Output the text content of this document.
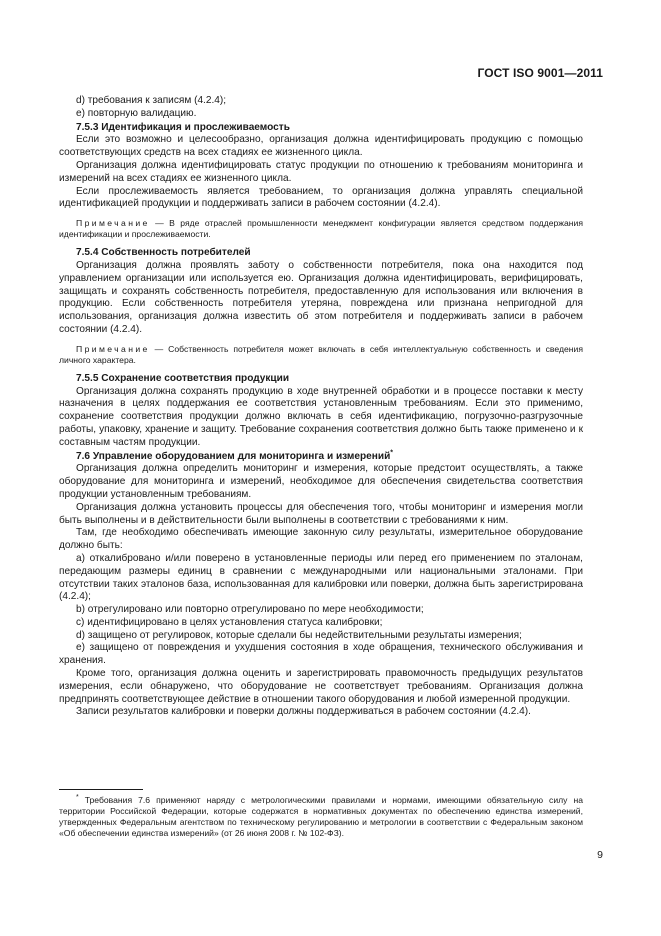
ГОСТ ISO 9001—2011

d) требования к записям (4.2.4);

e) повторную валидацию.

7.5.3 Идентификация и прослеживаемость

Если это возможно и целесообразно, организация должна идентифицировать продукцию с помощью соответствующих средств на всех стадиях ее жизненного цикла.

Организация должна идентифицировать статус продукции по отношению к требованиям мониторинга и измерений на всех стадиях ее жизненного цикла.

Если прослеживаемость является требованием, то организация должна управлять специальной идентификацией продукции и поддерживать записи в рабочем состоянии (4.2.4).

Примечание — В ряде отраслей промышленности менеджмент конфигурации является средством поддержания идентификации и прослеживаемости.

7.5.4 Собственность потребителей

Организация должна проявлять заботу о собственности потребителя, пока она находится под управлением организации или используется ею. Организация должна идентифицировать, верифицировать, защищать и сохранять собственность потребителя, предоставленную для использования или включения в продукцию. Если собственность потребителя утеряна, повреждена или признана непригодной для использования, организация должна известить об этом потребителя и поддерживать записи в рабочем состоянии (4.2.4).

Примечание — Собственность потребителя может включать в себя интеллектуальную собственность и сведения личного характера.

7.5.5 Сохранение соответствия продукции

Организация должна сохранять продукцию в ходе внутренней обработки и в процессе поставки к месту назначения в целях поддержания ее соответствия установленным требованиям. Если это применимо, сохранение соответствия продукции должно включать в себя идентификацию, погрузочно-разгрузочные работы, упаковку, хранение и защиту. Требование сохранения соответствия должно быть также применено и к составным частям продукции.

7.6 Управление оборудованием для мониторинга и измерений*

Организация должна определить мониторинг и измерения, которые предстоит осуществлять, а также оборудование для мониторинга и измерений, необходимое для обеспечения свидетельства соответствия продукции установленным требованиям.

Организация должна установить процессы для обеспечения того, чтобы мониторинг и измерения могли быть выполнены и в действительности были выполнены в соответствии с требованиями к ним.

Там, где необходимо обеспечивать имеющие законную силу результаты, измерительное оборудование должно быть:

a) откалибровано и/или поверено в установленные периоды или перед его применением по эталонам, передающим размеры единиц в сравнении с международными или национальными эталонами. При отсутствии таких эталонов база, использованная для калибровки или поверки, должна быть зарегистрирована (4.2.4);

b) отрегулировано или повторно отрегулировано по мере необходимости;

c) идентифицировано в целях установления статуса калибровки;

d) защищено от регулировок, которые сделали бы недействительными результаты измерения;

e) защищено от повреждения и ухудшения состояния в ходе обращения, технического обслуживания и хранения.

Кроме того, организация должна оценить и зарегистрировать правомочность предыдущих результатов измерения, если обнаружено, что оборудование не соответствует требованиям. Организация должна предпринять соответствующее действие в отношении такого оборудования и любой измеренной продукции.

Записи результатов калибровки и поверки должны поддерживаться в рабочем состоянии (4.2.4).

* Требования 7.6 применяют наряду с метрологическими правилами и нормами, имеющими обязательную силу на территории Российской Федерации, которые содержатся в нормативных документах по обеспечению единства измерений, утвержденных Федеральным агентством по техническому регулированию и метрологии в соответствии с Федеральным законом «Об обеспечении единства измерений» (от 26 июня 2008 г. № 102-ФЗ).

9
